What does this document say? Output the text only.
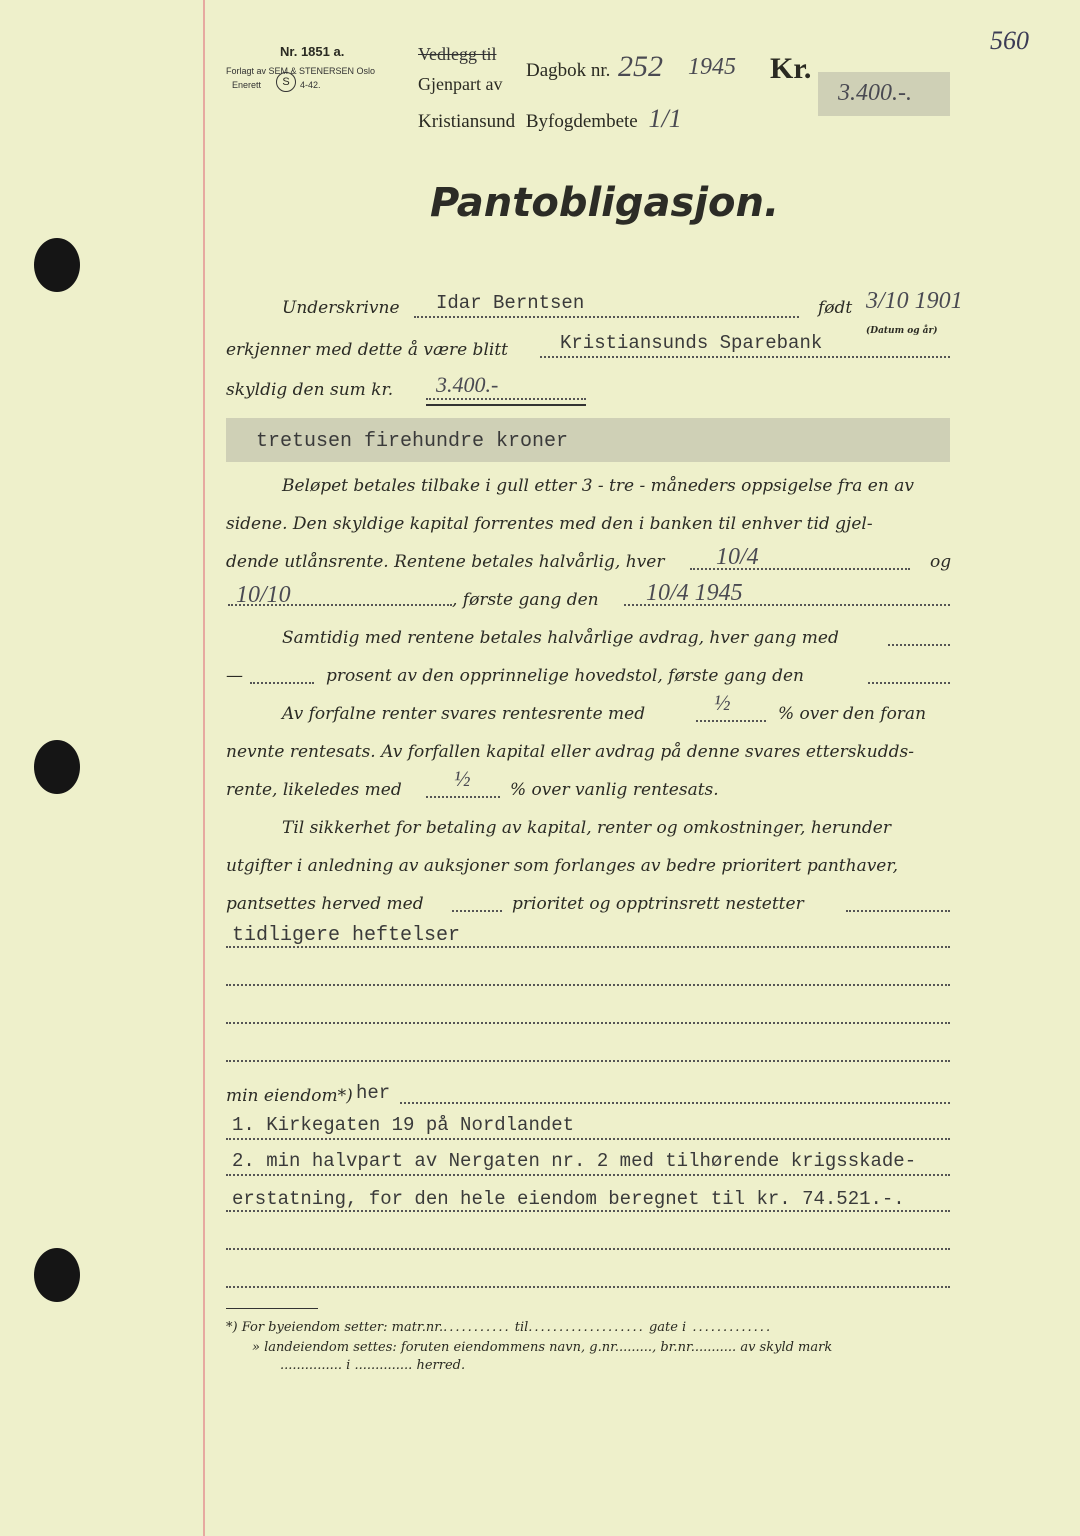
560
Nr. 1851 a.
Forlagt av SEM & STENERSEN Oslo
Enerett	S	4-42.
Vedlegg til
Gjenpart av
Kristiansund Byfogdembete 1/1
Dagbok nr. 252 1945 Kr.
3.400.-.
Pantobligasjon.
Underskrivne Idar Berntsen	født 3/10 1901
(Datum og år)
erkjenner med dette å være blitt	Kristiansunds Sparebank
skyldig den sum kr. 3.400.-
tretusen firehundre kroner
Beløpet betales tilbake i gull etter 3 - tre - måneders oppsigelse fra en av
sidene. Den skyldige kapital forrentes med den i banken til enhver tid gjel-
dende utlånsrente. Rentene betales halvårlig, hver 10/4	og
10/10	, første gang den 10/4 1945
Samtidig med rentene betales halvårlige avdrag, hver gang med
—	prosent av den opprinnelige hovedstol, første gang den
Av forfalne renter svares rentesrente med	½	% over den foran
nevnte rentesats. Av forfallen kapital eller avdrag på denne svares etterskudds-
rente, likeledes med ½ % over vanlig rentesats.
Til sikkerhet for betaling av kapital, renter og omkostninger, herunder
utgifter i anledning av auksjoner som forlanges av bedre prioritert panthaver,
pantsettes herved med	prioritet og opptrinsrett nestetter
tidligere heftelser
min eiendom*) her
1. Kirkegaten 19 på Nordlandet
2. min halvpart av Nergaten nr. 2 med tilhørende krigsskade-
erstatning, for den hele eiendom beregnet til kr. 74.521.-.
*) For byeiendom setter: matr.nr............ til................... gate i .............
» landeiendom settes: foruten eiendommens navn, g.nr........., br.nr........... av skyld mark
............... i .............. herred.
